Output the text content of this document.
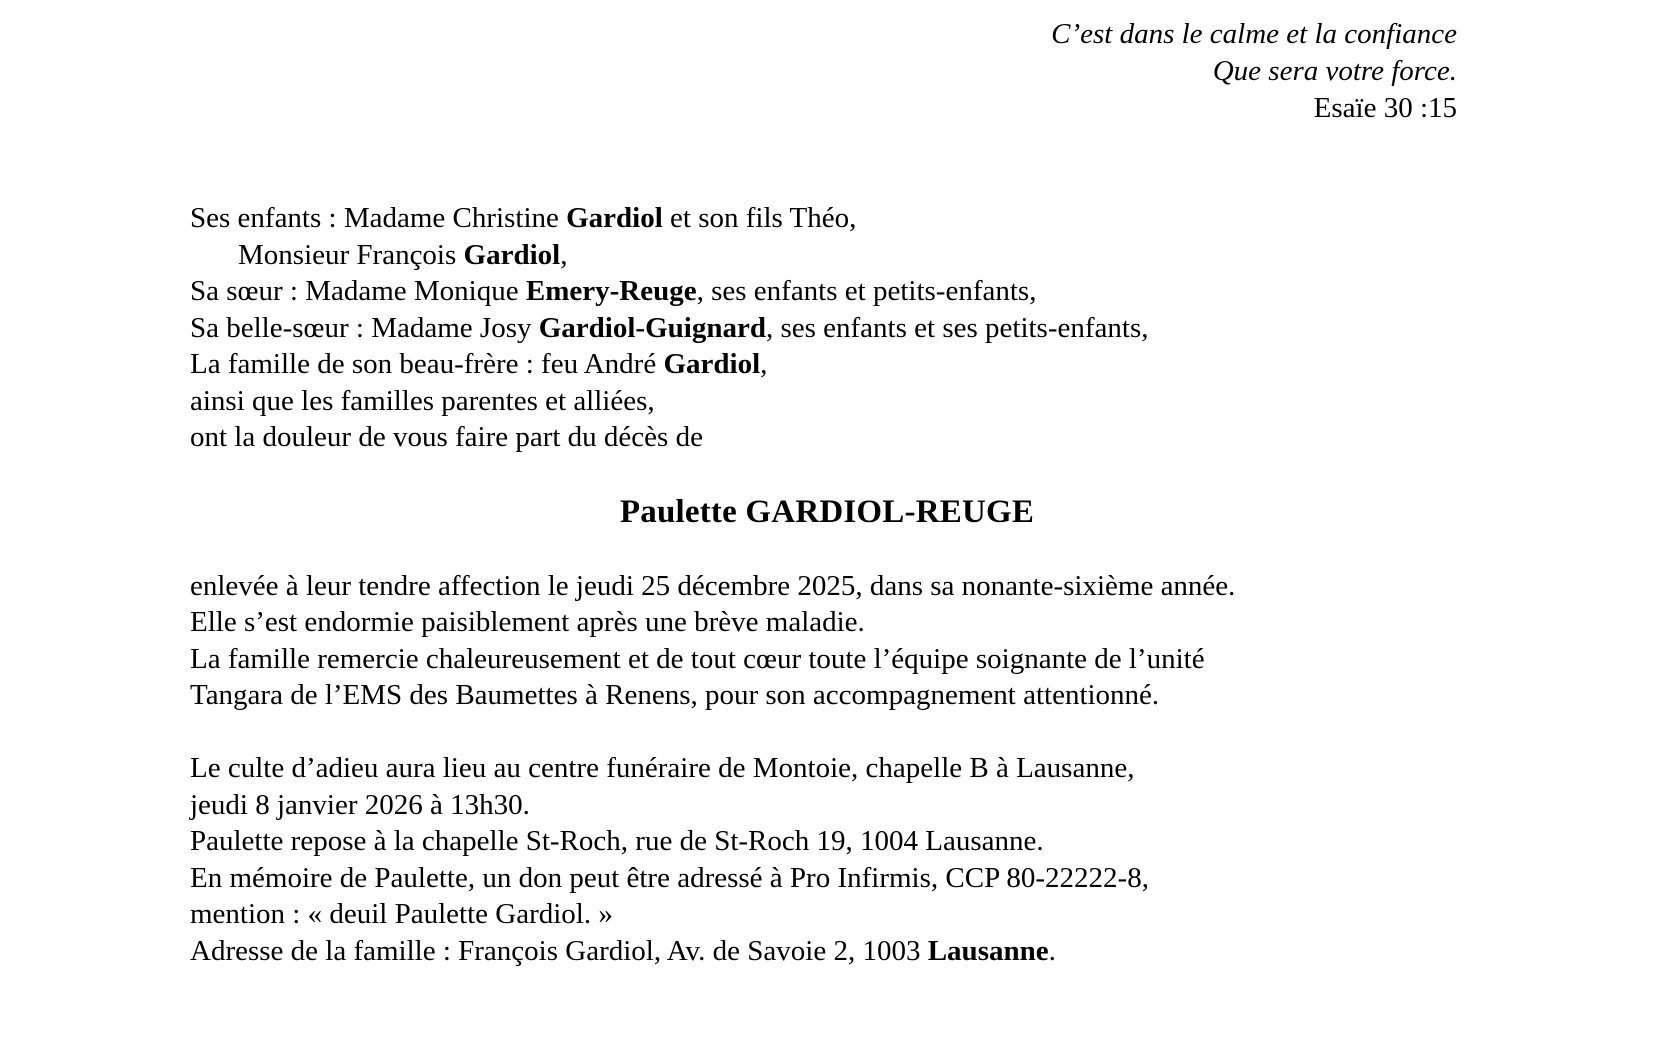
C’est dans le calme et la confiance
Que sera votre force.
Esaïe 30 :15
Ses enfants : Madame Christine Gardiol et son fils Théo,
Monsieur François Gardiol,
Sa sœur : Madame Monique Emery-Reuge, ses enfants et petits-enfants,
Sa belle-sœur : Madame Josy Gardiol-Guignard, ses enfants et ses petits-enfants,
La famille de son beau-frère : feu André Gardiol,
ainsi que les familles parentes et alliées,
ont la douleur de vous faire part du décès de
Paulette GARDIOL-REUGE
enlevée à leur tendre affection le jeudi 25 décembre 2025, dans sa nonante-sixième année.
Elle s’est endormie paisiblement après une brève maladie.
La famille remercie chaleureusement et de tout cœur toute l’équipe soignante de l’unité
Tangara de l’EMS des Baumettes à Renens, pour son accompagnement attentionné.
Le culte d’adieu aura lieu au centre funéraire de Montoie, chapelle B à Lausanne,
jeudi 8 janvier 2026 à 13h30.
Paulette repose à la chapelle St-Roch, rue de St-Roch 19, 1004 Lausanne.
En mémoire de Paulette, un don peut être adressé à Pro Infirmis, CCP 80-22222-8,
mention : « deuil Paulette Gardiol. »
Adresse de la famille : François Gardiol, Av. de Savoie 2, 1003 Lausanne.
